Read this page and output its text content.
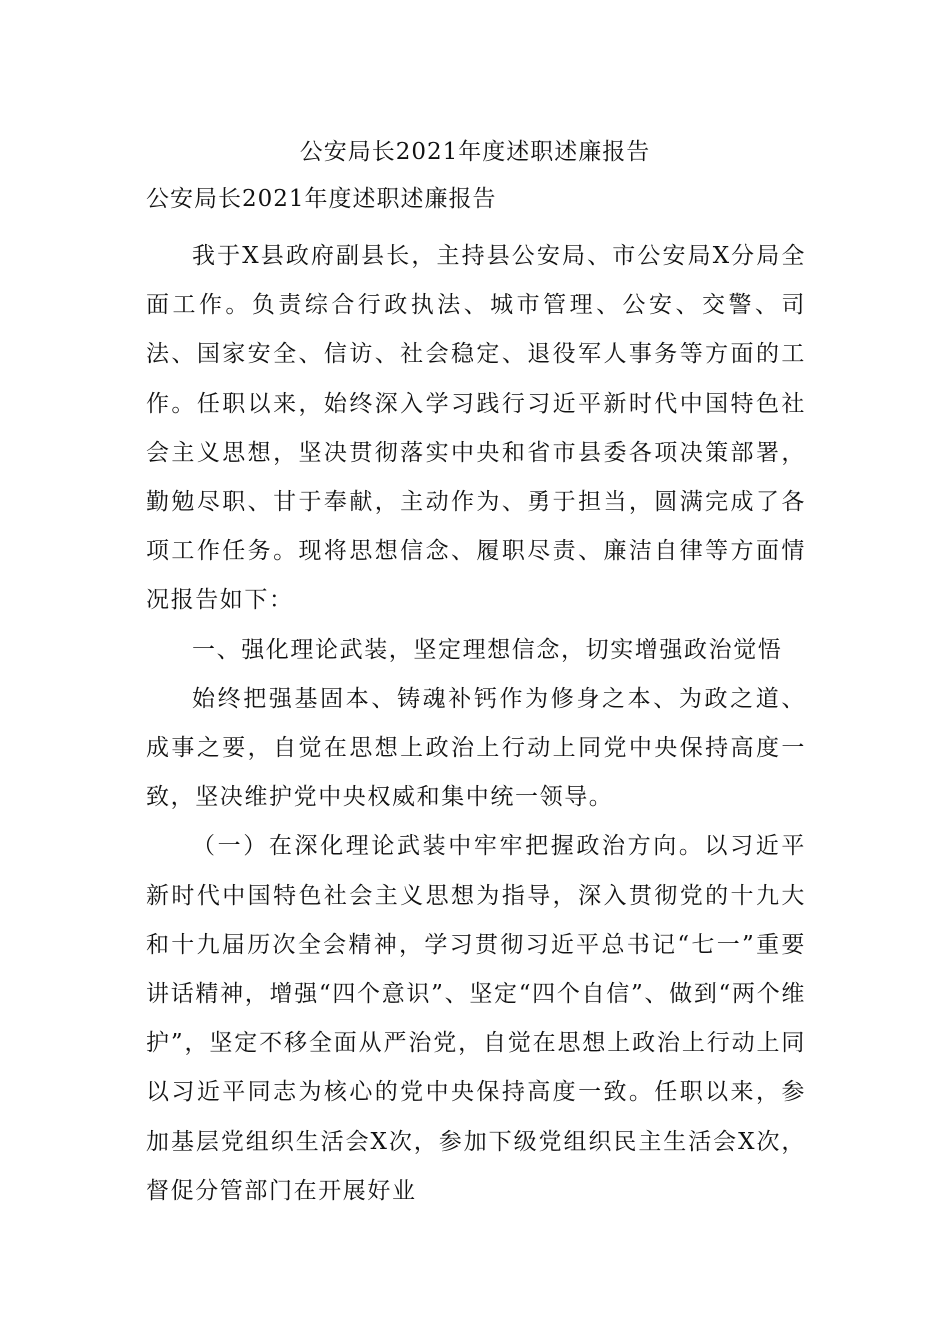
公安局长2021年度述职述廉报告
公安局长2021年度述职述廉报告

我于X县政府副县长，主持县公安局、市公安局X分局全面工作。负责综合行政执法、城市管理、公安、交警、司法、国家安全、信访、社会稳定、退役军人事务等方面的工作。任职以来，始终深入学习践行习近平新时代中国特色社会主义思想，坚决贯彻落实中央和省市县委各项决策部署，勤勉尽职、甘于奉献，主动作为、勇于担当，圆满完成了各项工作任务。现将思想信念、履职尽责、廉洁自律等方面情况报告如下：

一、强化理论武装，坚定理想信念，切实增强政治觉悟

始终把强基固本、铸魂补钙作为修身之本、为政之道、成事之要，自觉在思想上政治上行动上同党中央保持高度一致，坚决维护党中央权威和集中统一领导。

（一）在深化理论武装中牢牢把握政治方向。以习近平新时代中国特色社会主义思想为指导，深入贯彻党的十九大和十九届历次全会精神，学习贯彻习近平总书记“七一”重要讲话精神，增强“四个意识”、坚定“四个自信”、做到“两个维护”，坚定不移全面从严治党，自觉在思想上政治上行动上同以习近平同志为核心的党中央保持高度一致。任职以来，参加基层党组织生活会X次，参加下级党组织民主生活会X次，督促分管部门在开展好业
